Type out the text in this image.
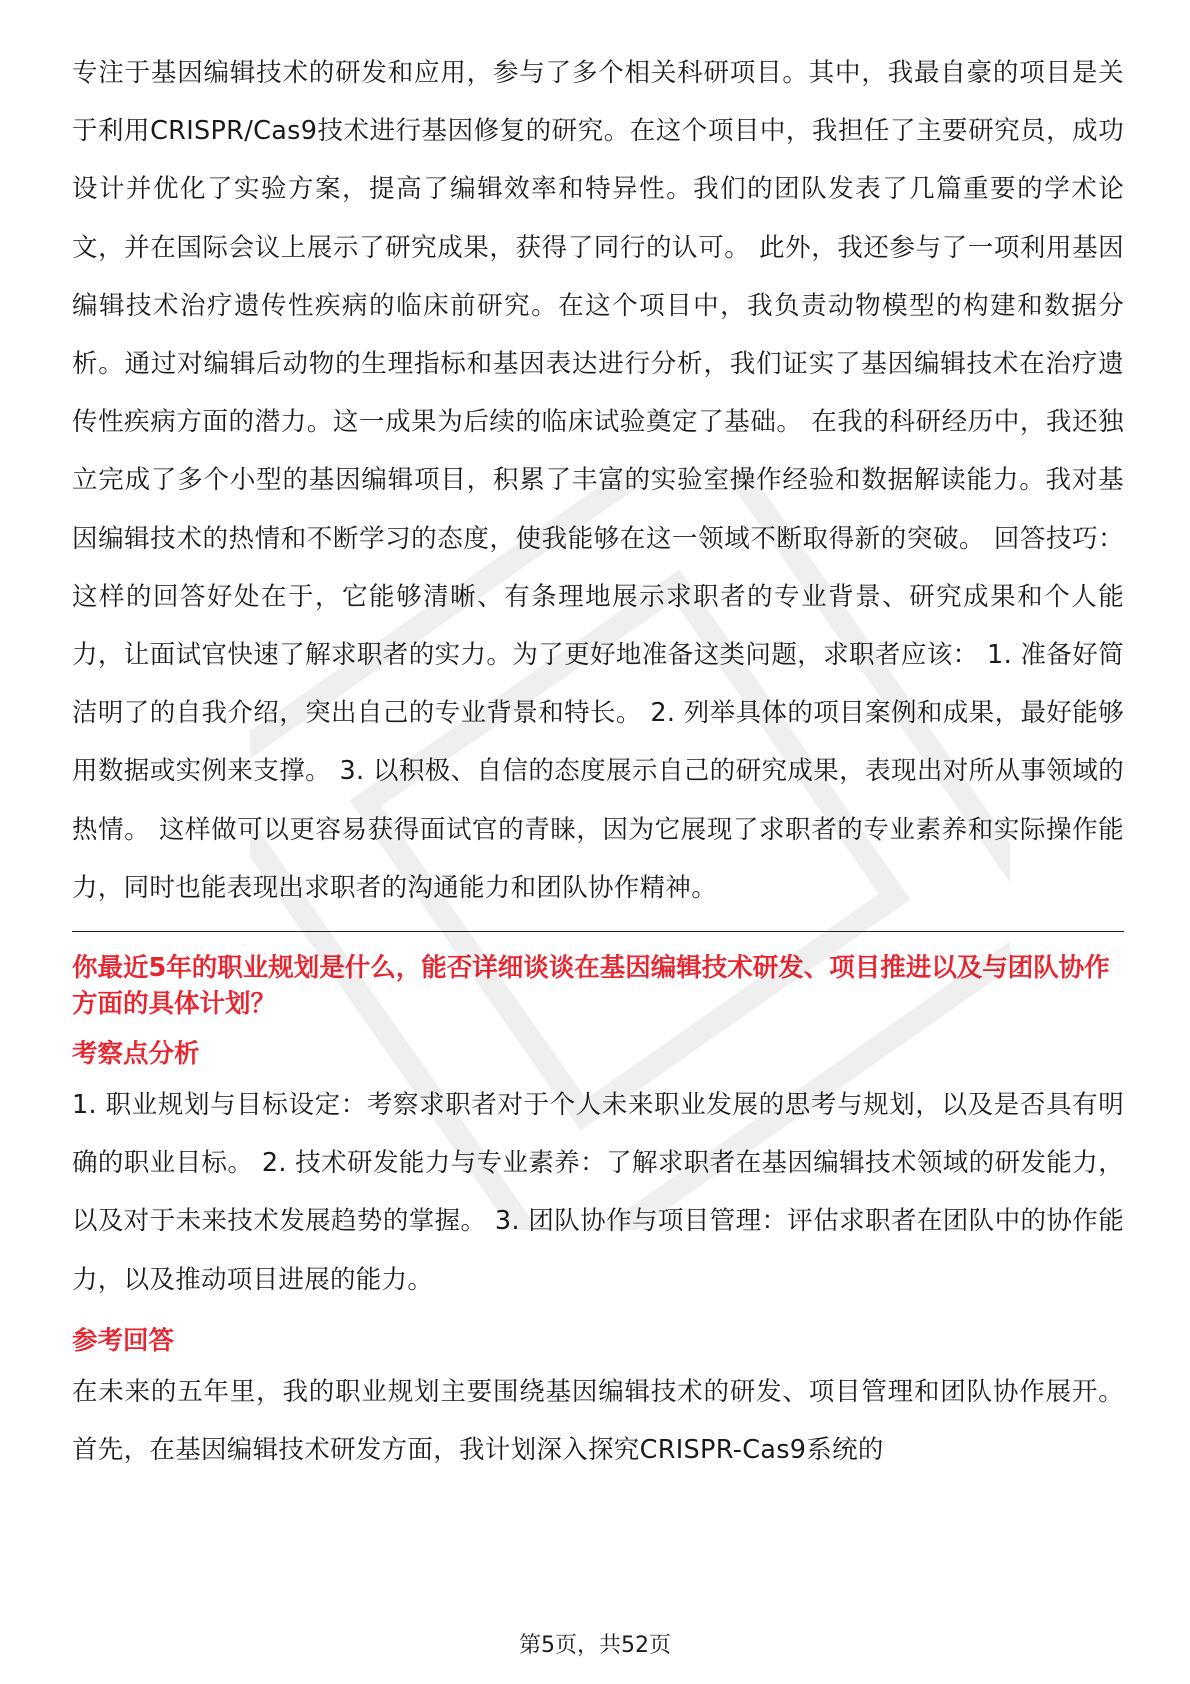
专注于基因编辑技术的研发和应用，参与了多个相关科研项目。其中，我最自豪的项目是关于利用CRISPR/Cas9技术进行基因修复的研究。在这个项目中，我担任了主要研究员，成功设计并优化了实验方案，提高了编辑效率和特异性。我们的团队发表了几篇重要的学术论文，并在国际会议上展示了研究成果，获得了同行的认可。 此外，我还参与了一项利用基因编辑技术治疗遗传性疾病的临床前研究。在这个项目中，我负责动物模型的构建和数据分析。通过对编辑后动物的生理指标和基因表达进行分析，我们证实了基因编辑技术在治疗遗传性疾病方面的潜力。这一成果为后续的临床试验奠定了基础。 在我的科研经历中，我还独立完成了多个小型的基因编辑项目，积累了丰富的实验室操作经验和数据解读能力。我对基因编辑技术的热情和不断学习的态度，使我能够在这一领域不断取得新的突破。 回答技巧：这样的回答好处在于，它能够清晰、有条理地展示求职者的专业背景、研究成果和个人能力，让面试官快速了解求职者的实力。为了更好地准备这类问题，求职者应该： 1. 准备好简洁明了的自我介绍，突出自己的专业背景和特长。 2. 列举具体的项目案例和成果，最好能够用数据或实例来支撑。 3. 以积极、自信的态度展示自己的研究成果，表现出对所从事领域的热情。 这样做可以更容易获得面试官的青睐，因为它展现了求职者的专业素养和实际操作能力，同时也能表现出求职者的沟通能力和团队协作精神。

你最近5年的职业规划是什么，能否详细谈谈在基因编辑技术研发、项目推进以及与团队协作方面的具体计划？
考察点分析

1. 职业规划与目标设定：考察求职者对于个人未来职业发展的思考与规划，以及是否具有明确的职业目标。 2. 技术研发能力与专业素养：了解求职者在基因编辑技术领域的研发能力，以及对于未来技术发展趋势的掌握。 3. 团队协作与项目管理：评估求职者在团队中的协作能力，以及推动项目进展的能力。

参考回答

在未来的五年里，我的职业规划主要围绕基因编辑技术的研发、项目管理和团队协作展开。首先，在基因编辑技术研发方面，我计划深入探究CRISPR-Cas9系统的

第5页，共52页
